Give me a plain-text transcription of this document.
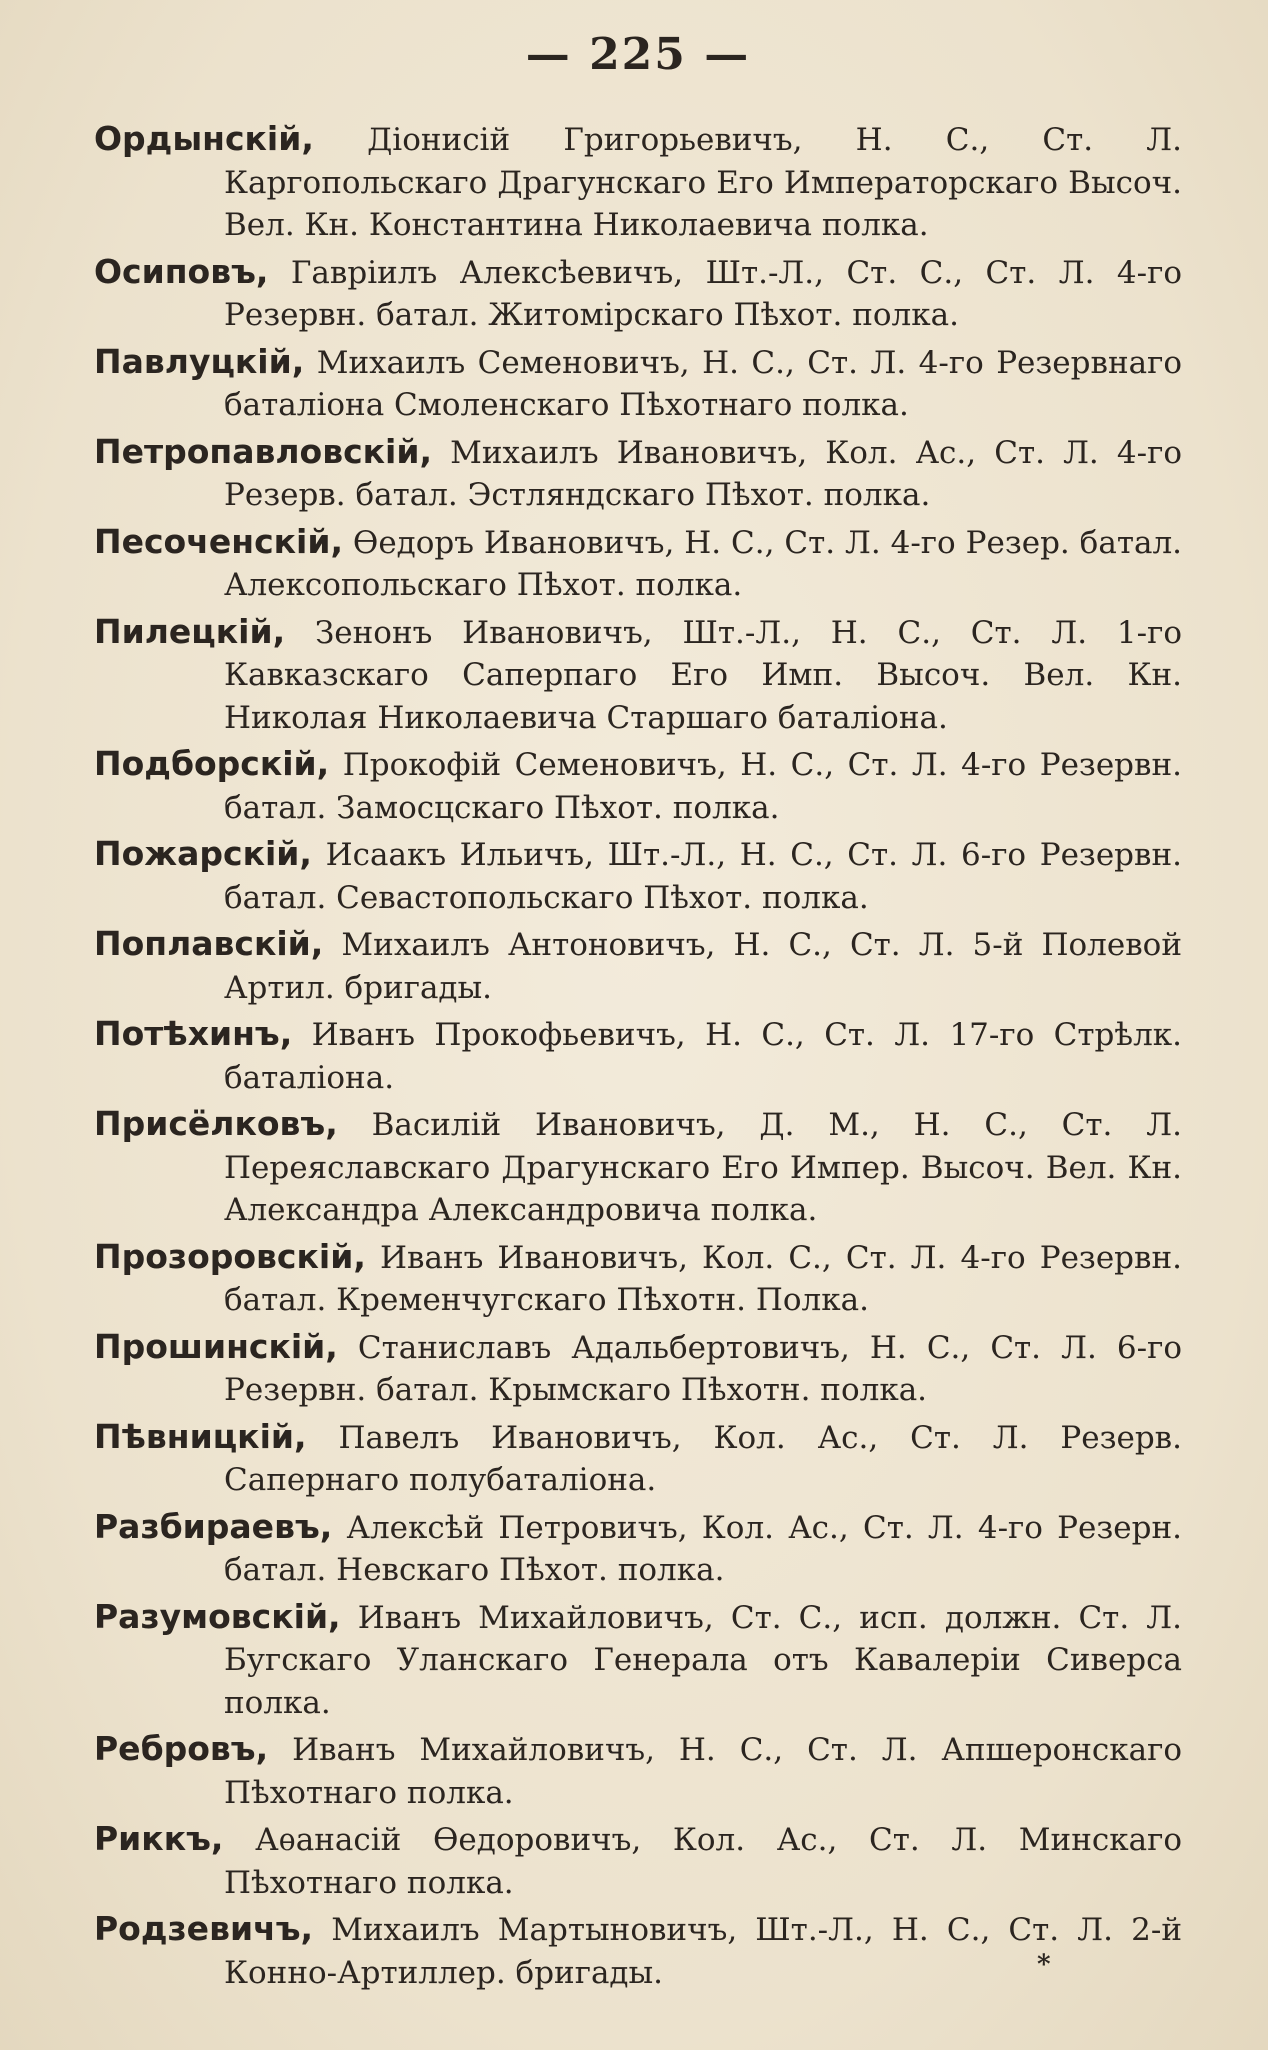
— 225 —

Ордынскiй, Дiонисiй Григорьевичъ, Н. С., Ст. Л. Каргопольскаго Драгунскаго Его Императорскаго Высоч. Вел. Кн. Константина Николаевича полка.

Осиповъ, Гаврiилъ Алексѣевичъ, Шт.-Л., Ст. С., Ст. Л. 4-го Резервн. батал. Житомiрскаго Пѣхот. полка.

Павлуцкiй, Михаилъ Семеновичъ, Н. С., Ст. Л. 4-го Резервнаго баталiона Смоленскаго Пѣхотнаго полка.

Петропавловскiй, Михаилъ Ивановичъ, Кол. Ас., Ст. Л. 4-го Резерв. батал. Эстляндскаго Пѣхот. полка.

Песоченскiй, Ѳедоръ Ивановичъ, Н. С., Ст. Л. 4-го Резер. батал. Алексопольскаго Пѣхот. полка.

Пилецкiй, Зенонъ Ивановичъ, Шт.-Л., Н. С., Ст. Л. 1-го Кавказскаго Саперпаго Его Имп. Высоч. Вел. Кн. Николая Николаевича Старшаго баталiона.

Подборскiй, Прокофiй Семеновичъ, Н. С., Ст. Л. 4-го Резервн. батал. Замосцскаго Пѣхот. полка.

Пожарскiй, Исаакъ Ильичъ, Шт.-Л., Н. С., Ст. Л. 6-го Резервн. батал. Севастопольскаго Пѣхот. полка.

Поплавскiй, Михаилъ Антоновичъ, Н. С., Ст. Л. 5-й Полевой Артил. бригады.

Потѣхинъ, Иванъ Прокофьевичъ, Н. С., Ст. Л. 17-го Стрѣлк. баталiона.

Присёлковъ, Василiй Ивановичъ, Д. М., Н. С., Ст. Л. Переяславскаго Драгунскаго Его Импер. Высоч. Вел. Кн. Александра Александровича полка.

Прозоровскiй, Иванъ Ивановичъ, Кол. С., Ст. Л. 4-го Резервн. батал. Кременчугскаго Пѣхотн. Полка.

Прошинскiй, Станиславъ Адальбертовичъ, Н. С., Ст. Л. 6-го Резервн. батал. Крымскаго Пѣхотн. полка.

Пѣвницкiй, Павелъ Ивановичъ, Кол. Ас., Ст. Л. Резерв. Сапернаго полубаталiона.

Разбираевъ, Алексѣй Петровичъ, Кол. Ас., Ст. Л. 4-го Резерн. батал. Невскаго Пѣхот. полка.

Разумовскiй, Иванъ Михайловичъ, Ст. С., исп. должн. Ст. Л. Бугскаго Уланскаго Генерала отъ Кавалерiи Сиверса полка.

Ребровъ, Иванъ Михайловичъ, Н. С., Ст. Л. Апшеронскаго Пѣхотнаго полка.

Риккъ, Аѳанасiй Ѳедоровичъ, Кол. Ас., Ст. Л. Минскаго Пѣхотнаго полка.

Родзевичъ, Михаилъ Мартыновичъ, Шт.-Л., Н. С., Ст. Л. 2-й Конно-Артиллер. бригады.	*
